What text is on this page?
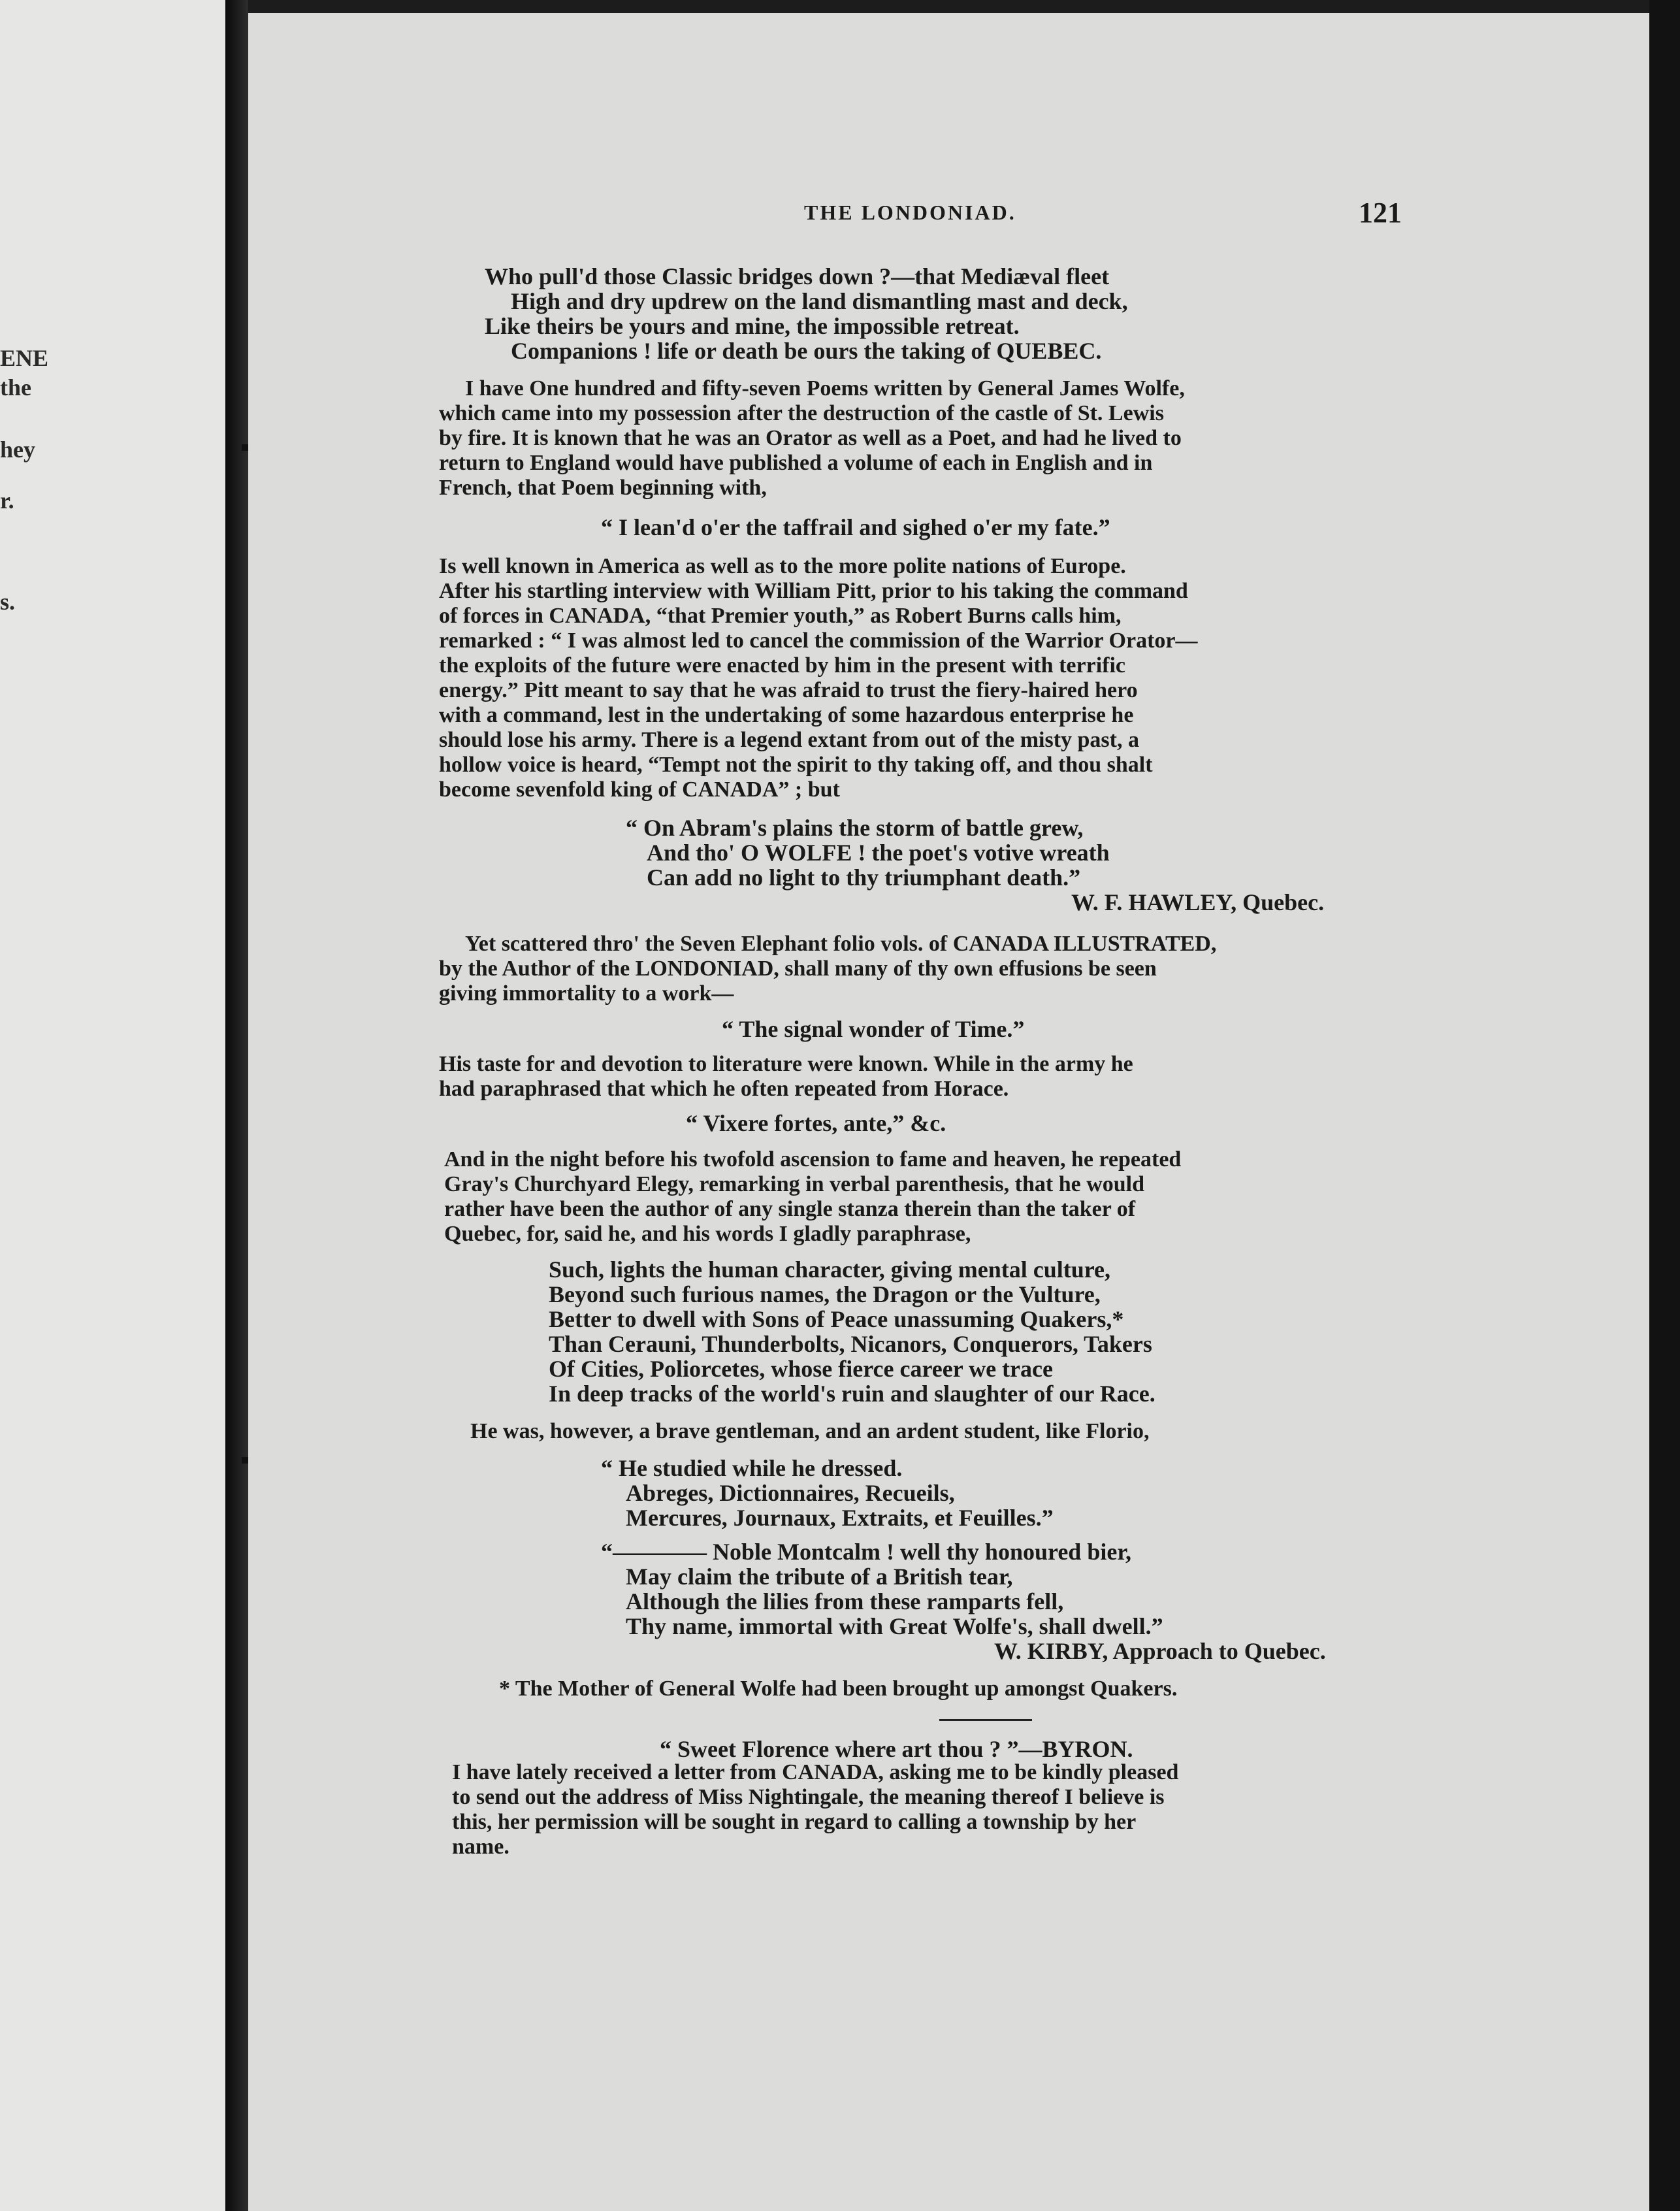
ENE
the
hey
r.
s.
THE LONDONIAD.	121
Who pull'd those Classic bridges down ?—that Mediæval fleet
High and dry updrew on the land dismantling mast and deck,
Like theirs be yours and mine, the impossible retreat.
Companions ! life or death be ours the taking of QUEBEC.
I have One hundred and fifty-seven Poems written by General James Wolfe,
which came into my possession after the destruction of the castle of St. Lewis
by fire. It is known that he was an Orator as well as a Poet, and had he lived to
return to England would have published a volume of each in English and in
French, that Poem beginning with,
“ I lean'd o'er the taffrail and sighed o'er my fate.”
Is well known in America as well as to the more polite nations of Europe.
After his startling interview with William Pitt, prior to his taking the command
of forces in CANADA, “that Premier youth,” as Robert Burns calls him,
remarked : “ I was almost led to cancel the commission of the Warrior Orator—
the exploits of the future were enacted by him in the present with terrific
energy.” Pitt meant to say that he was afraid to trust the fiery-haired hero
with a command, lest in the undertaking of some hazardous enterprise he
should lose his army. There is a legend extant from out of the misty past, a
hollow voice is heard, “Tempt not the spirit to thy taking off, and thou shalt
become sevenfold king of CANADA” ; but
“ On Abram's plains the storm of battle grew,
And tho' O WOLFE ! the poet's votive wreath
Can add no light to thy triumphant death.”
W. F. HAWLEY, Quebec.
Yet scattered thro' the Seven Elephant folio vols. of CANADA ILLUSTRATED,
by the Author of the LONDONIAD, shall many of thy own effusions be seen
giving immortality to a work—
“ The signal wonder of Time.”
His taste for and devotion to literature were known. While in the army he
had paraphrased that which he often repeated from Horace.
“ Vixere fortes, ante,” &c.
And in the night before his twofold ascension to fame and heaven, he repeated
Gray's Churchyard Elegy, remarking in verbal parenthesis, that he would
rather have been the author of any single stanza therein than the taker of
Quebec, for, said he, and his words I gladly paraphrase,
Such, lights the human character, giving mental culture,
Beyond such furious names, the Dragon or the Vulture,
Better to dwell with Sons of Peace unassuming Quakers,*
Than Cerauni, Thunderbolts, Nicanors, Conquerors, Takers
Of Cities, Poliorcetes, whose fierce career we trace
In deep tracks of the world's ruin and slaughter of our Race.
He was, however, a brave gentleman, and an ardent student, like Florio,
“ He studied while he dressed.
Abreges, Dictionnaires, Recueils,
Mercures, Journaux, Extraits, et Feuilles.”
“———— Noble Montcalm ! well thy honoured bier,
May claim the tribute of a British tear,
Although the lilies from these ramparts fell,
Thy name, immortal with Great Wolfe's, shall dwell.”
W. KIRBY, Approach to Quebec.
* The Mother of General Wolfe had been brought up amongst Quakers.
“ Sweet Florence where art thou ? ”—BYRON.
I have lately received a letter from CANADA, asking me to be kindly pleased
to send out the address of Miss Nightingale, the meaning thereof I believe is
this, her permission will be sought in regard to calling a township by her
name.
